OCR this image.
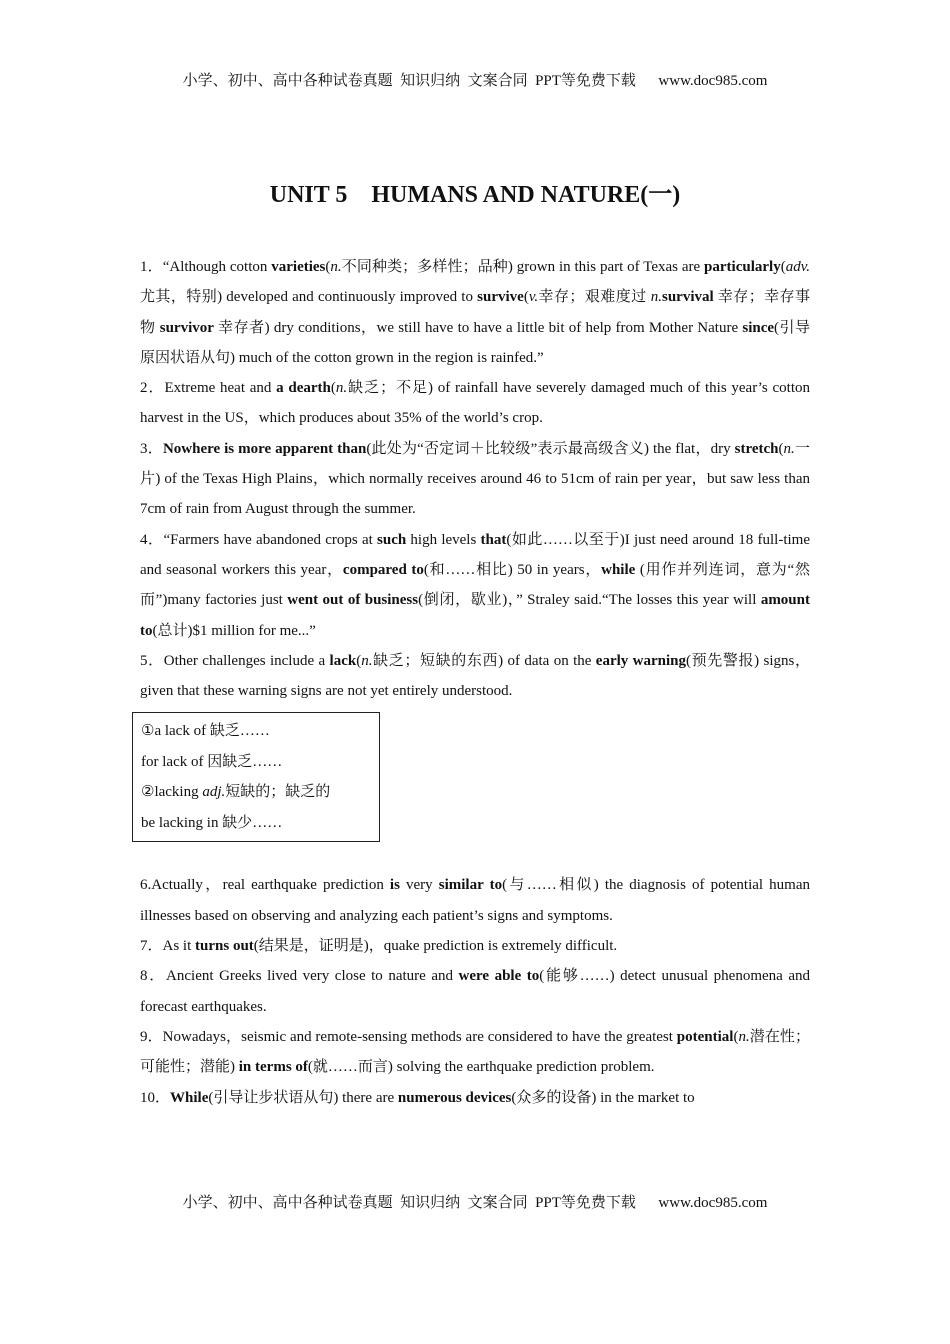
小学、初中、高中各种试卷真题  知识归纳  文案合同  PPT等免费下载      www.doc985.com
UNIT 5    HUMANS AND NATURE(一)

1．“Although cotton varieties(n.不同种类；多样性；品种) grown in this part of Texas are particularly(adv.尤其，特别) developed and continuously improved to survive(v.幸存；艰难度过 n.survival 幸存；幸存事物 survivor 幸存者) dry conditions，we still have to have a little bit of help from Mother Nature since(引导原因状语从句) much of the cotton grown in the region is rainfed.”

2．Extreme heat and a dearth(n.缺乏；不足) of rainfall have severely damaged much of this year’s cotton harvest in the US，which produces about 35% of the world’s crop.

3．Nowhere is more apparent than(此处为“否定词＋比较级”表示最高级含义) the flat，dry stretch(n.一片) of the Texas High Plains，which normally receives around 46 to 51cm of rain per year，but saw less than 7cm of rain from August through the summer.

4．“Farmers have abandoned crops at such high levels that(如此……以至于)I just need around 18 full-time and seasonal workers this year，compared to(和……相比) 50 in years，while (用作并列连词，意为“然而”)many factories just went out of business(倒闭，歇业)，” Straley said.“The losses this year will amount to(总计)$1 million for me...”

5．Other challenges include a lack(n.缺乏；短缺的东西) of data on the early warning(预先警报) signs，given that these warning signs are not yet entirely understood.

①a lack of 缺乏……
for lack of 因缺乏……
②lacking adj.短缺的；缺乏的
be lacking in 缺少……

6.Actually，real earthquake prediction is very similar to(与……相似) the diagnosis of potential human illnesses based on observing and analyzing each patient’s signs and symptoms.

7．As it turns out(结果是，证明是)，quake prediction is extremely difficult.

8．Ancient Greeks lived very close to nature and were able to(能够……) detect unusual phenomena and forecast earthquakes.

9．Nowadays，seismic and remote-sensing methods are considered to have the greatest potential(n.潜在性；可能性；潜能) in terms of(就……而言) solving the earthquake prediction problem.

10．While(引导让步状语从句) there are numerous devices(众多的设备) in the market to

小学、初中、高中各种试卷真题  知识归纳  文案合同  PPT等免费下载      www.doc985.com
